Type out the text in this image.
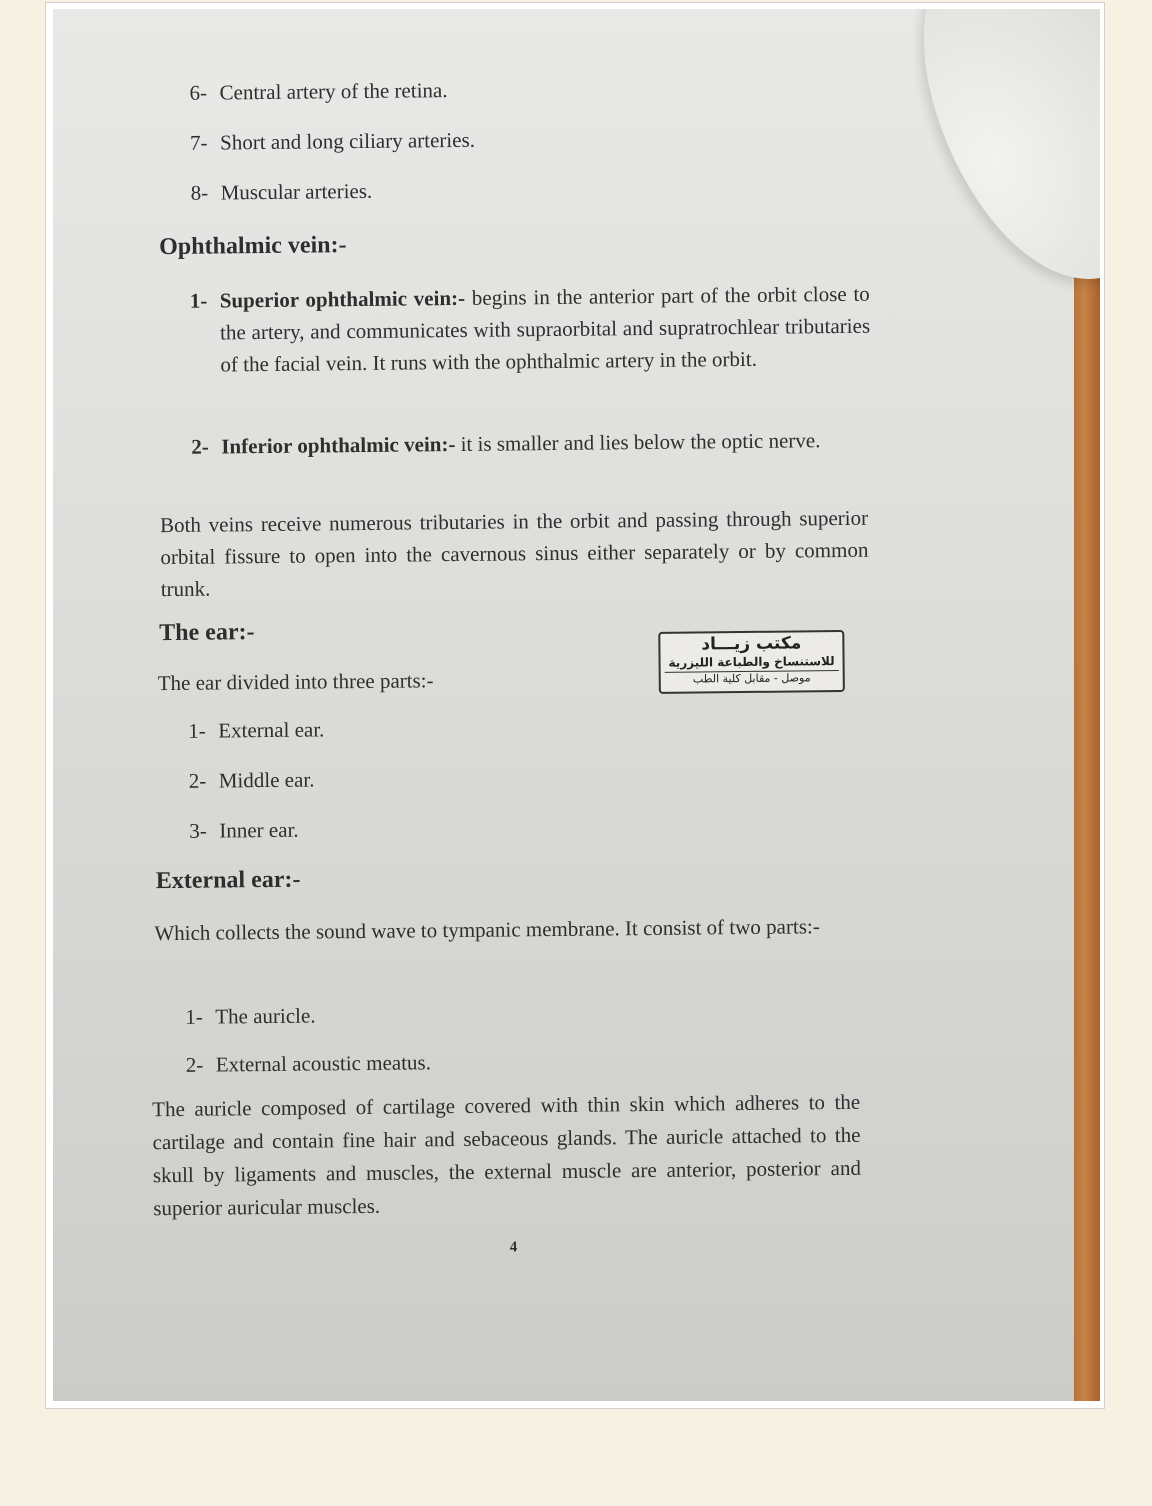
6- Central artery of the retina.
7- Short and long ciliary arteries.
8- Muscular arteries.
Ophthalmic vein:-
1- Superior ophthalmic vein:- begins in the anterior part of the orbit close to the artery, and communicates with supraorbital and supratrochlear tributaries of the facial vein. It runs with the ophthalmic artery in the orbit.
2- Inferior ophthalmic vein:- it is smaller and lies below the optic nerve.
Both veins receive numerous tributaries in the orbit and passing through superior orbital fissure to open into the cavernous sinus either separately or by common trunk.
The ear:-
The ear divided into three parts:-
مكتب زيـــاد
للاستنساخ والطباعة الليزرية
موصل - مقابل كلية الطب
1- External ear.
2- Middle ear.
3- Inner ear.
External ear:-
Which collects the sound wave to tympanic membrane. It consist of two parts:-
1- The auricle.
2- External acoustic meatus.
The auricle composed of cartilage covered with thin skin which adheres to the cartilage and contain fine hair and sebaceous glands. The auricle attached to the skull by ligaments and muscles, the external muscle are anterior, posterior and superior auricular muscles.
4
